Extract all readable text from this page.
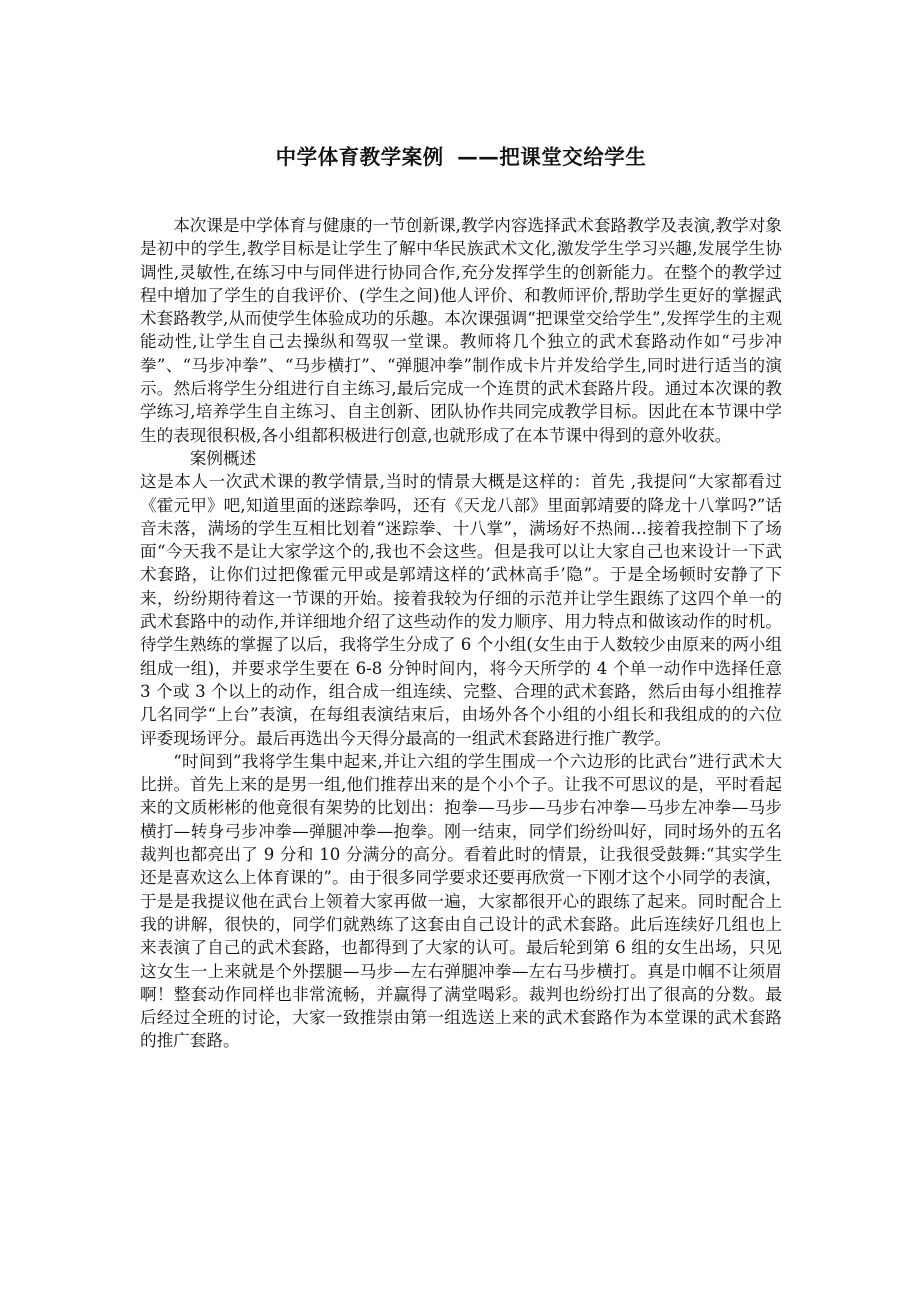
中学体育教学案例 ——把课堂交给学生

本次课是中学体育与健康的一节创新课,教学内容选择武术套路教学及表演,教学对象是初中的学生,教学目标是让学生了解中华民族武术文化,激发学生学习兴趣,发展学生协调性,灵敏性,在练习中与同伴进行协同合作,充分发挥学生的创新能力。在整个的教学过程中增加了学生的自我评价、(学生之间)他人评价、和教师评价,帮助学生更好的掌握武术套路教学,从而使学生体验成功的乐趣。本次课强调“把课堂交给学生”,发挥学生的主观能动性,让学生自己去操纵和驾驭一堂课。教师将几个独立的武术套路动作如“弓步冲拳”、“马步冲拳”、“马步横打”、“弹腿冲拳”制作成卡片并发给学生,同时进行适当的演示。然后将学生分组进行自主练习,最后完成一个连贯的武术套路片段。通过本次课的教学练习,培养学生自主练习、自主创新、团队协作共同完成教学目标。因此在本节课中学生的表现很积极,各小组都积极进行创意,也就形成了在本节课中得到的意外收获。

案例概述

这是本人一次武术课的教学情景,当时的情景大概是这样的：首先 ,我提问“大家都看过《霍元甲》吧,知道里面的迷踪拳吗，还有《天龙八部》里面郭靖要的降龙十八掌吗?”话音未落，满场的学生互相比划着“迷踪拳、十八掌”，满场好不热闹…接着我控制下了场面“今天我不是让大家学这个的,我也不会这些。但是我可以让大家自己也来设计一下武术套路，让你们过把像霍元甲或是郭靖这样的’武林高手’隐”。于是全场顿时安静了下来，纷纷期待着这一节课的开始。接着我较为仔细的示范并让学生跟练了这四个单一的武术套路中的动作,并详细地介绍了这些动作的发力顺序、用力特点和做该动作的时机。待学生熟练的掌握了以后，我将学生分成了 6 个小组(女生由于人数较少由原来的两小组组成一组)，并要求学生要在 6-8 分钟时间内，将今天所学的 4 个单一动作中选择任意 3 个或 3 个以上的动作，组合成一组连续、完整、合理的武术套路，然后由每小组推荐几名同学“上台”表演，在每组表演结束后，由场外各个小组的小组长和我组成的的六位评委现场评分。最后再选出今天得分最高的一组武术套路进行推广教学。

“时间到”我将学生集中起来,并让六组的学生围成一个六边形的比武台”进行武术大比拼。首先上来的是男一组,他们推荐出来的是个小个子。让我不可思议的是，平时看起来的文质彬彬的他竟很有架势的比划出：抱拳—马步—马步右冲拳—马步左冲拳—马步横打—转身弓步冲拳—弹腿冲拳—抱拳。刚一结束，同学们纷纷叫好，同时场外的五名裁判也都亮出了 9 分和 10 分满分的高分。看着此时的情景，让我很受鼓舞:“其实学生还是喜欢这么上体育课的”。由于很多同学要求还要再欣赏一下刚才这个小同学的表演，于是是我提议他在武台上领着大家再做一遍，大家都很开心的跟练了起来。同时配合上我的讲解，很快的，同学们就熟练了这套由自己设计的武术套路。此后连续好几组也上来表演了自己的武术套路，也都得到了大家的认可。最后轮到第 6 组的女生出场，只见这女生一上来就是个外摆腿—马步—左右弹腿冲拳—左右马步横打。真是巾帼不让须眉啊！整套动作同样也非常流畅，并赢得了满堂喝彩。裁判也纷纷打出了很高的分数。最后经过全班的讨论，大家一致推崇由第一组选送上来的武术套路作为本堂课的武术套路的推广套路。
